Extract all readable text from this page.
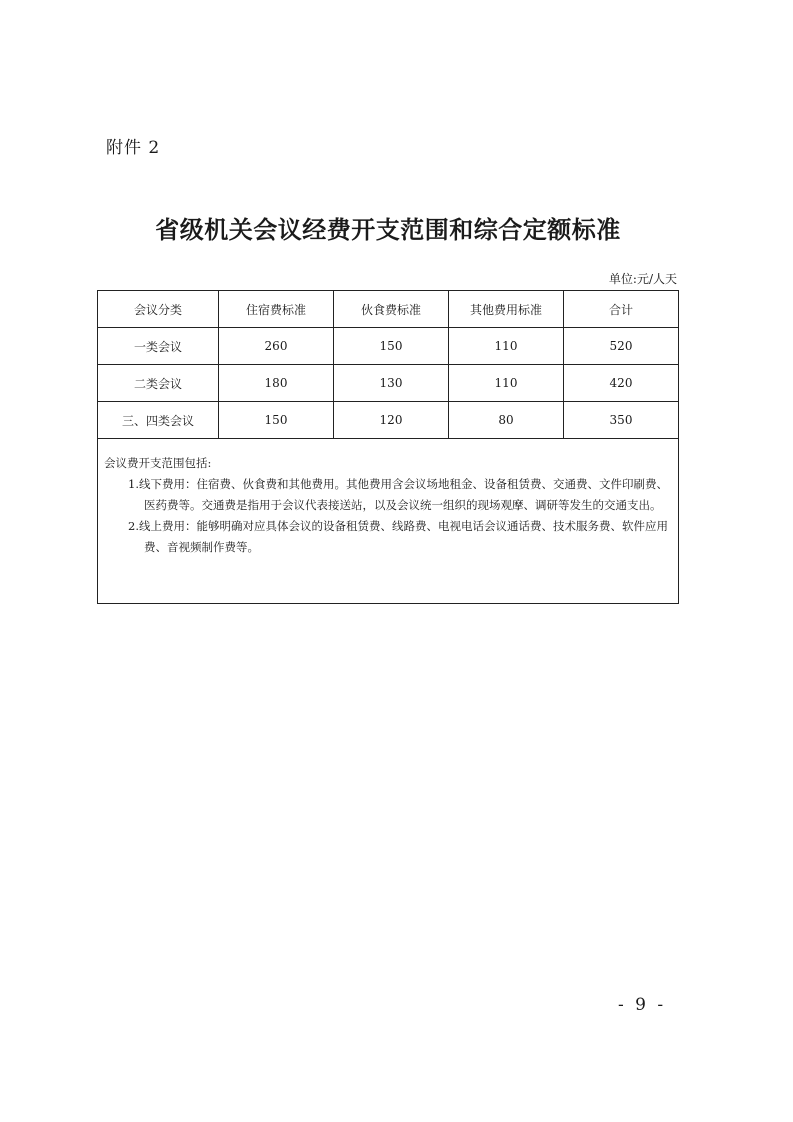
附件 2
省级机关会议经费开支范围和综合定额标准
单位:元/人天
会议分类	住宿费标准	伙食费标准	其他费用标准	合计
一类会议	260	150	110	520
二类会议	180	130	110	420
三、四类会议	150	120	80	350

会议费开支范围包括:
1.线下费用：住宿费、伙食费和其他费用。其他费用含会议场地租金、设备租赁费、交通费、文件印刷费、医药费等。交通费是指用于会议代表接送站，以及会议统一组织的现场观摩、调研等发生的交通支出。
2.线上费用：能够明确对应具体会议的设备租赁费、线路费、电视电话会议通话费、技术服务费、软件应用费、音视频制作费等。				
- 9 -
